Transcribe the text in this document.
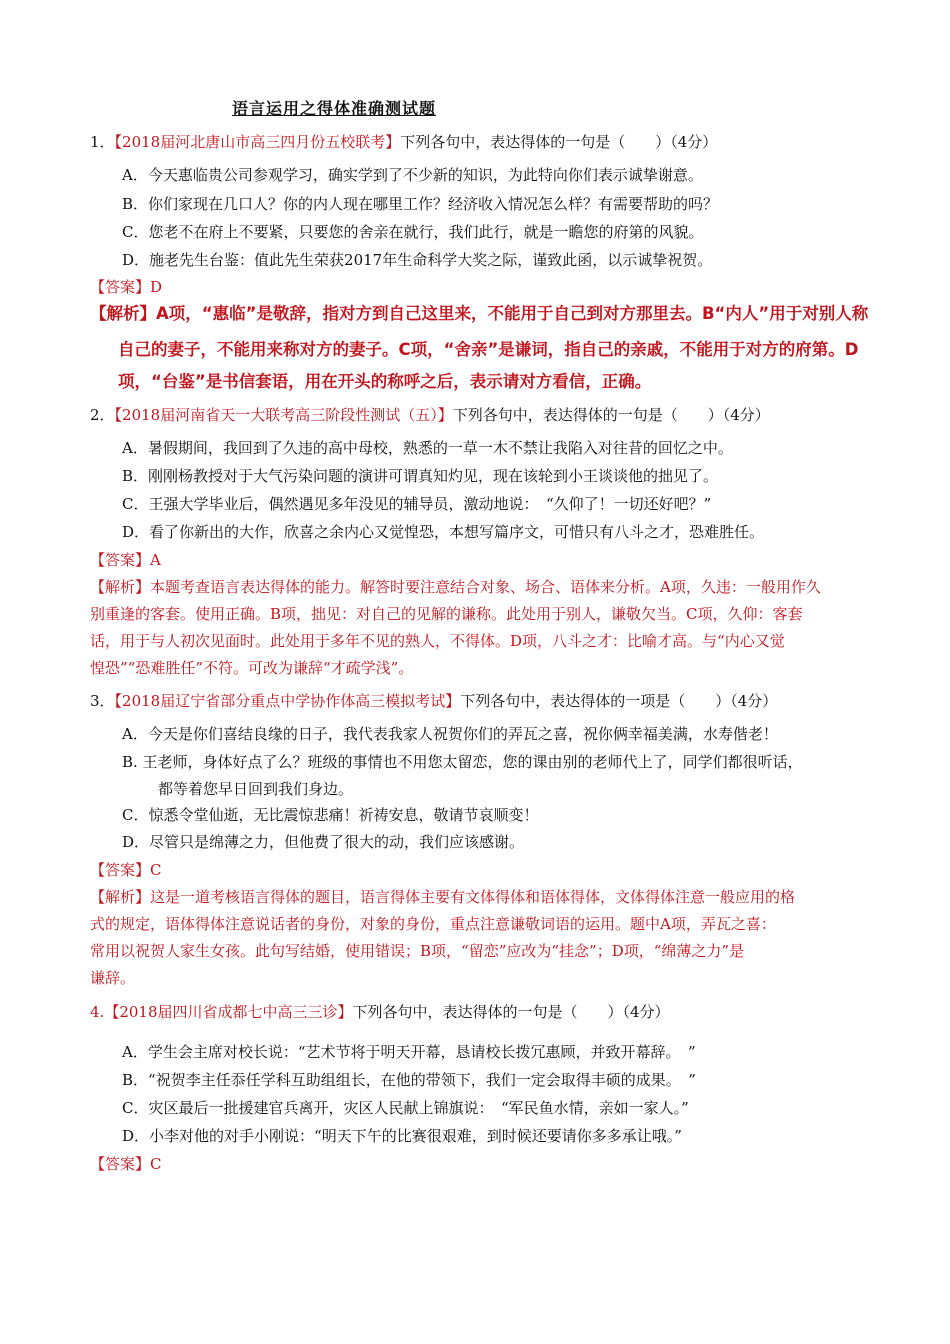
语言运用之得体准确测试题
1．【2018届河北唐山市高三四月份五校联考】下列各句中，表达得体的一句是（　　）（4分）
A．今天惠临贵公司参观学习，确实学到了不少新的知识，为此特向你们表示诚挚谢意。
B．你们家现在几口人？你的内人现在哪里工作？经济收入情况怎么样？有需要帮助的吗？
C．您老不在府上不要紧，只要您的舍亲在就行，我们此行，就是一瞻您的府第的风貌。
D．施老先生台鉴：值此先生荣获2017年生命科学大奖之际，谨致此函，以示诚挚祝贺。
【答案】D
【解析】A项，“惠临”是敬辞，指对方到自己这里来，不能用于自己到对方那里去。B“内人”用于对别人称
自己的妻子，不能用来称对方的妻子。C项，“舍亲”是谦词，指自己的亲戚，不能用于对方的府第。D
项，“台鉴”是书信套语，用在开头的称呼之后，表示请对方看信，正确。
2．【2018届河南省天一大联考高三阶段性测试（五）】下列各句中，表达得体的一句是（　　）（4分）
A．暑假期间，我回到了久违的高中母校，熟悉的一草一木不禁让我陷入对往昔的回忆之中。
B．刚刚杨教授对于大气污染问题的演讲可谓真知灼见，现在该轮到小王谈谈他的拙见了。
C．王强大学毕业后，偶然遇见多年没见的辅导员，激动地说：　“久仰了！一切还好吧？”
D．看了你新出的大作，欣喜之余内心又觉惶恐，本想写篇序文，可惜只有八斗之才，恐难胜任。
【答案】A
【解析】本题考查语言表达得体的能力。解答时要注意结合对象、场合、语体来分析。A项，久违：一般用作久
别重逢的客套。使用正确。B项，拙见：对自己的见解的谦称。此处用于别人，谦敬欠当。C项，久仰：客套
话，用于与人初次见面时。此处用于多年不见的熟人，不得体。D项，八斗之才：比喻才高。与“内心又觉
惶恐”“恐难胜任”不符。可改为谦辞“才疏学浅”。
3．【2018届辽宁省部分重点中学协作体高三模拟考试】下列各句中，表达得体的一项是（　　）（4分）
A．今天是你们喜结良缘的日子，我代表我家人祝贺你们的弄瓦之喜，祝你俩幸福美满，水寿偕老！
B. 王老师，身体好点了么？班级的事情也不用您太留恋，您的课由别的老师代上了，同学们都很听话，
都等着您早日回到我们身边。
C．惊悉令堂仙逝，无比震惊悲痛！祈祷安息，敬请节哀顺变！
D．尽管只是绵薄之力，但他费了很大的动，我们应该感谢。
【答案】C
【解析】这是一道考核语言得体的题目，语言得体主要有文体得体和语体得体，文体得体注意一般应用的格
式的规定，语体得体注意说话者的身份，对象的身份，重点注意谦敬词语的运用。题中A项，弄瓦之喜：
常用以祝贺人家生女孩。此句写结婚，使用错误；B项，“留恋”应改为“挂念”；D项，“绵薄之力”是
谦辞。
4.【2018届四川省成都七中高三三诊】下列各句中，表达得体的一句是（　　）（4分）
A．学生会主席对校长说：“艺术节将于明天开幕，恳请校长拨冗惠顾，并致开幕辞。　”
B．“祝贺李主任忝任学科互助组组长，在他的带领下，我们一定会取得丰硕的成果。　”
C．灾区最后一批援建官兵离开，灾区人民献上锦旗说：　“军民鱼水情，亲如一家人。”
D．小李对他的对手小刚说：“明天下午的比赛很艰难，到时候还要请你多多承让哦。”
【答案】C
